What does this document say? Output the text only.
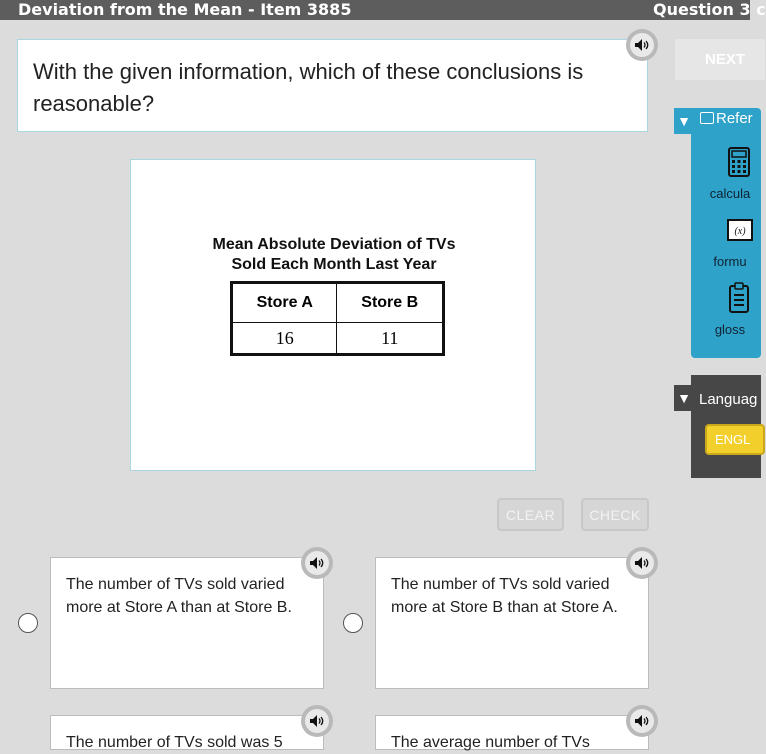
Deviation from the Mean - Item 3885	Question 3 c
With the given information, which of these conclusions is reasonable?
Mean Absolute Deviation of TVs
Sold Each Month Last Year
Store A	Store B
16	11
CLEAR	CHECK
NEXT
▼	Refer
calcula
(x)
formu
gloss
▼ Languag
ENGL
The number of TVs sold varied more at Store A than at Store B.
The number of TVs sold varied more at Store B than at Store A.
The number of TVs sold was 5	The average number of TVs
